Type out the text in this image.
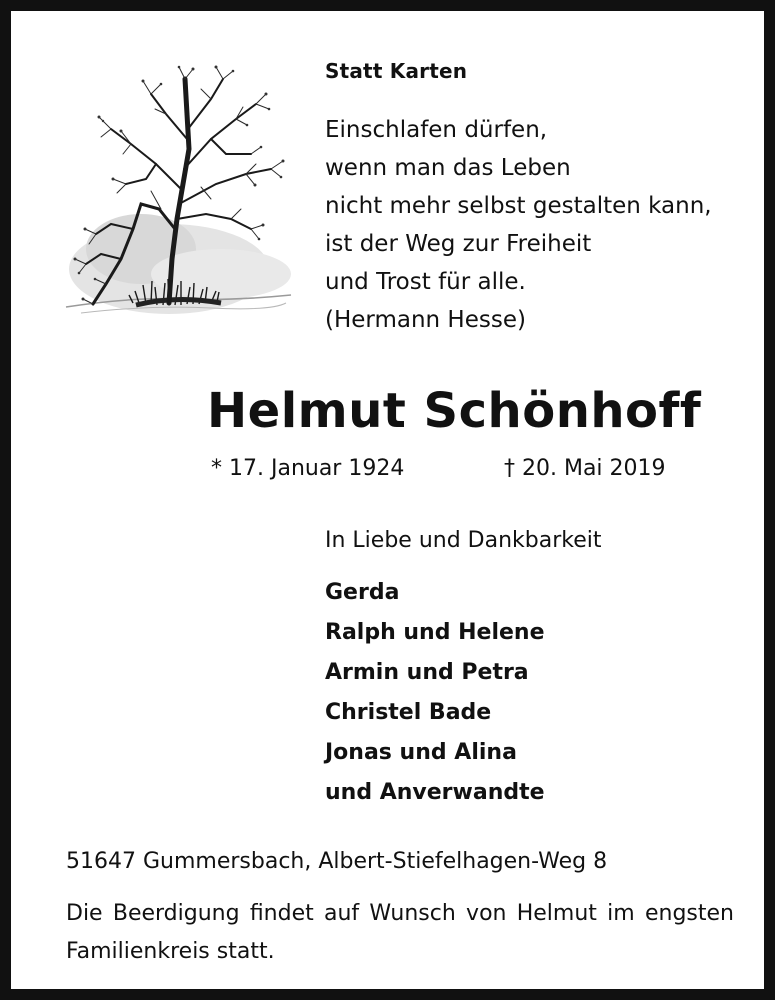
Statt Karten
Einschlafen dürfen,
wenn man das Leben
nicht mehr selbst gestalten kann,
ist der Weg zur Freiheit
und Trost für alle.
(Hermann Hesse)
Helmut Schönhoff
* 17. Januar 1924	† 20. Mai 2019
In Liebe und Dankbarkeit
Gerda
Ralph und Helene
Armin und Petra
Christel Bade
Jonas und Alina
und Anverwandte
51647 Gummersbach, Albert-Stiefelhagen-Weg 8
Die Beerdigung findet auf Wunsch von Helmut im engsten Familienkreis statt.
